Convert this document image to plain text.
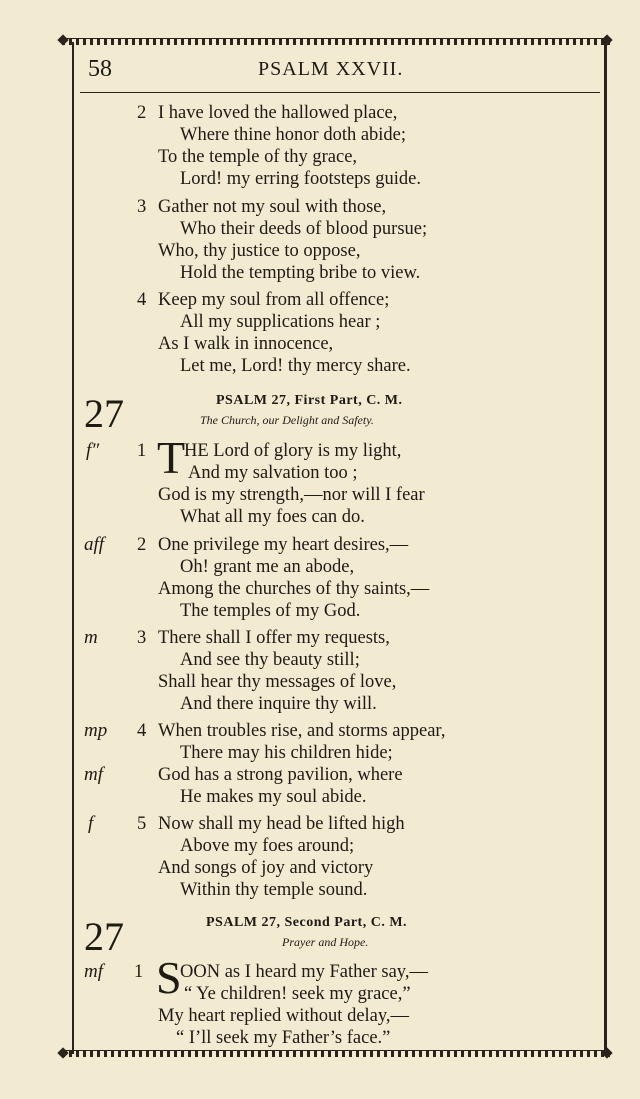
58	PSALM XXVII.
2 I have loved the hallowed place,
Where thine honor doth abide;
To the temple of thy grace,
Lord! my erring footsteps guide.
3 Gather not my soul with those,
Who their deeds of blood pursue;
Who, thy justice to oppose,
Hold the tempting bribe to view.
4 Keep my soul from all offence;
All my supplications hear ;
As I walk in innocence,
Let me, Lord! thy mercy share.
27	PSALM 27, First Part, C. M.
The Church, our Delight and Safety.
f″ 1 T
HE Lord of glory is my light,
And my salvation too ;
God is my strength,—nor will I fear
What all my foes can do.
aff 2 One privilege my heart desires,—
Oh! grant me an abode,
Among the churches of thy saints,—
The temples of my God.
m 3 There shall I offer my requests,
And see thy beauty still;
Shall hear thy messages of love,
And there inquire thy will.
mp 4 When troubles rise, and storms appear,
There may his children hide;
mf	God has a strong pavilion, where
He makes my soul abide.
f 5 Now shall my head be lifted high
Above my foes around;
And songs of joy and victory
Within thy temple sound.
27	PSALM 27, Second Part, C. M.
Prayer and Hope.
mf 1 S
OON as I heard my Father say,—
“ Ye children! seek my grace,”
My heart replied without delay,—
“ I’ll seek my Father’s face.”
